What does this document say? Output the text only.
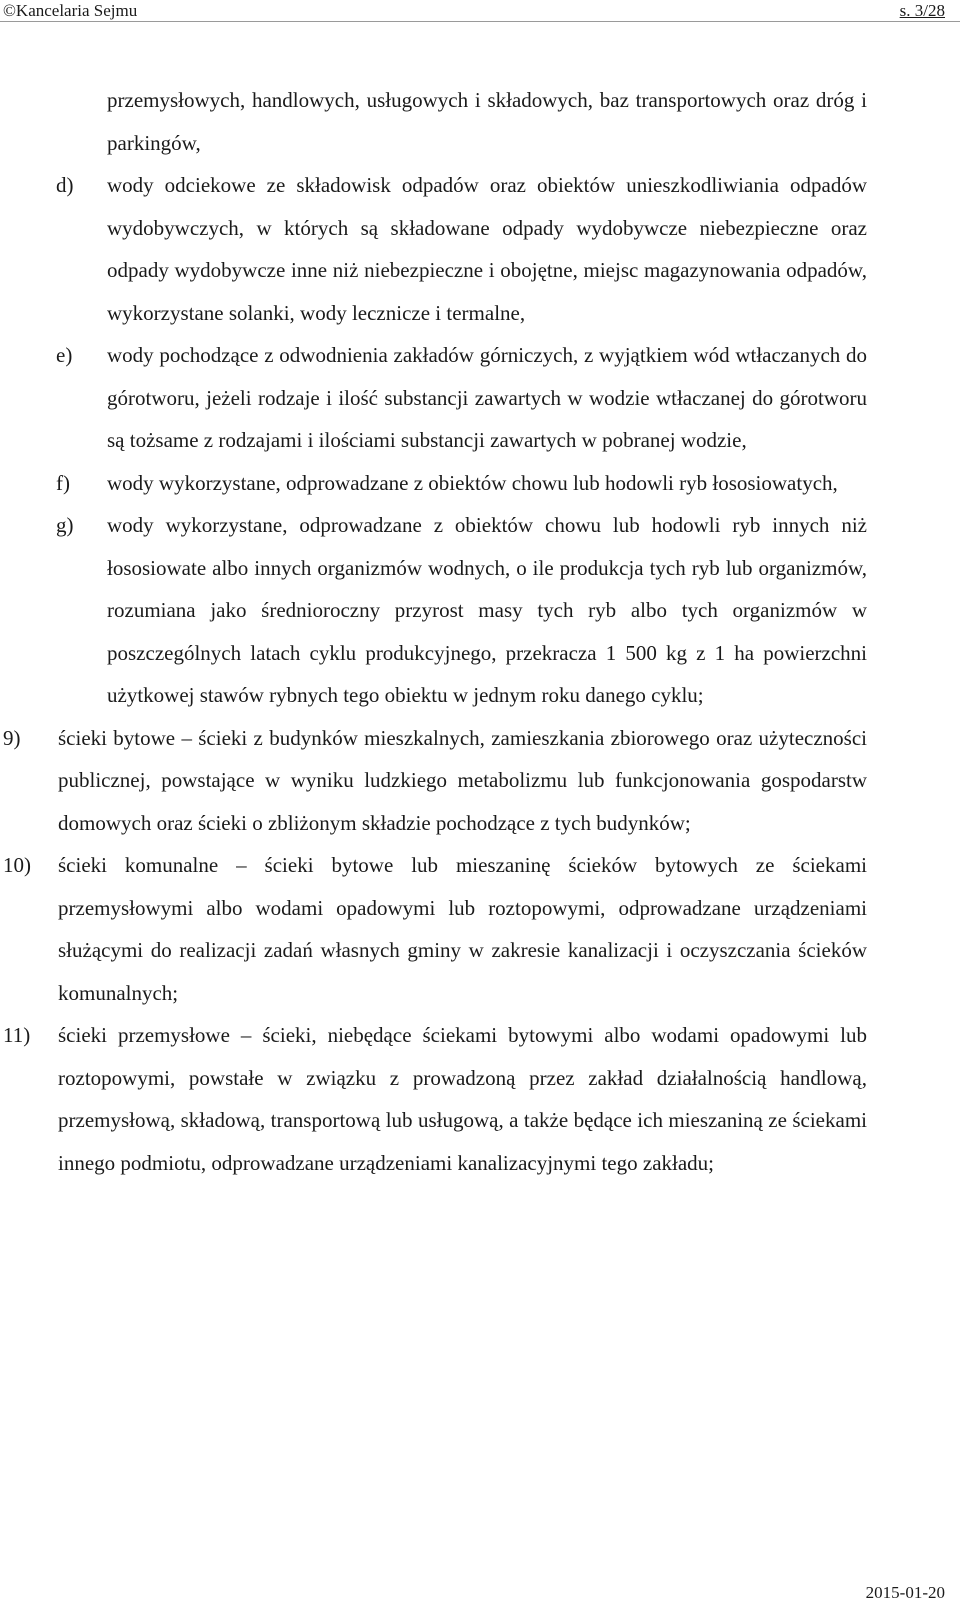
©Kancelaria Sejmu	s. 3/28
przemysłowych, handlowych, usługowych i składowych, baz transportowych oraz dróg i parkingów,
d) wody odciekowe ze składowisk odpadów oraz obiektów unieszkodliwiania odpadów wydobywczych, w których są składowane odpady wydobywcze niebezpieczne oraz odpady wydobywcze inne niż niebezpieczne i obojętne, miejsc magazynowania odpadów, wykorzystane solanki, wody lecznicze i termalne,
e) wody pochodzące z odwodnienia zakładów górniczych, z wyjątkiem wód wtłaczanych do górotworu, jeżeli rodzaje i ilość substancji zawartych w wodzie wtłaczanej do górotworu są tożsame z rodzajami i ilościami substancji zawartych w pobranej wodzie,
f) wody wykorzystane, odprowadzane z obiektów chowu lub hodowli ryb łososiowatych,
g) wody wykorzystane, odprowadzane z obiektów chowu lub hodowli ryb innych niż łososiowate albo innych organizmów wodnych, o ile produkcja tych ryb lub organizmów, rozumiana jako średnioroczny przyrost masy tych ryb albo tych organizmów w poszczególnych latach cyklu produkcyjnego, przekracza 1 500 kg z 1 ha powierzchni użytkowej stawów rybnych tego obiektu w jednym roku danego cyklu;
9) ścieki bytowe – ścieki z budynków mieszkalnych, zamieszkania zbiorowego oraz użyteczności publicznej, powstające w wyniku ludzkiego metabolizmu lub funkcjonowania gospodarstw domowych oraz ścieki o zbliżonym składzie pochodzące z tych budynków;
10) ścieki komunalne – ścieki bytowe lub mieszaninę ścieków bytowych ze ściekami przemysłowymi albo wodami opadowymi lub roztopowymi, odprowadzane urządzeniami służącymi do realizacji zadań własnych gminy w zakresie kanalizacji i oczyszczania ścieków komunalnych;
11) ścieki przemysłowe – ścieki, niebędące ściekami bytowymi albo wodami opadowymi lub roztopowymi, powstałe w związku z prowadzoną przez zakład działalnością handlową, przemysłową, składową, transportową lub usługową, a także będące ich mieszaniną ze ściekami innego podmiotu, odprowadzane urządzeniami kanalizacyjnymi tego zakładu;
2015-01-20
